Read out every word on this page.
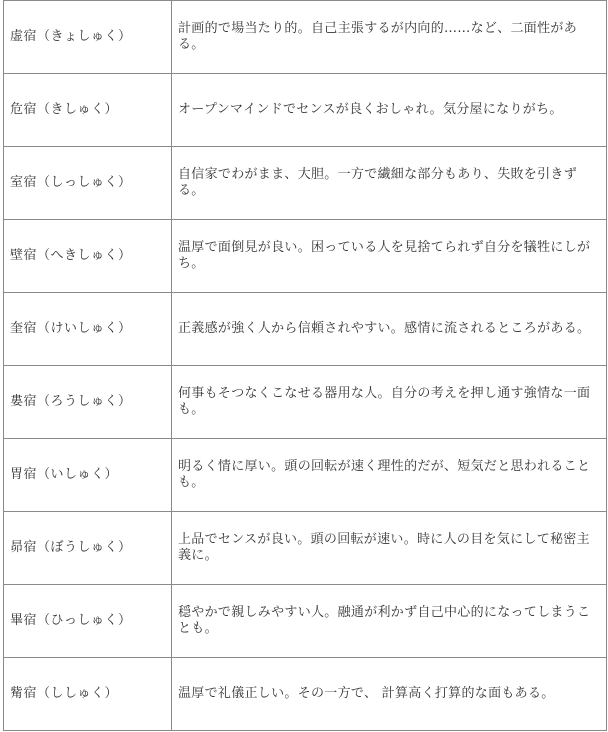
虚宿（きょしゅく）	計画的で場当たり的。自己主張するが内向的……など、二面性がある。
危宿（きしゅく）	オープンマインドでセンスが良くおしゃれ。気分屋になりがち。
室宿（しっしゅく）	自信家でわがまま、大胆。一方で繊細な部分もあり、失敗を引きずる。
壁宿（へきしゅく）	温厚で面倒見が良い。困っている人を見捨てられず自分を犠牲にしがち。
奎宿（けいしゅく）	正義感が強く人から信頼されやすい。感情に流されるところがある。
婁宿（ろうしゅく）	何事もそつなくこなせる器用な人。自分の考えを押し通す強情な一面も。
胃宿（いしゅく）	明るく情に厚い。頭の回転が速く理性的だが、短気だと思われることも。
昴宿（ぼうしゅく）	上品でセンスが良い。頭の回転が速い。時に人の目を気にして秘密主義に。
畢宿（ひっしゅく）	穏やかで親しみやすい人。融通が利かず自己中心的になってしまうことも。
觜宿（ししゅく）	温厚で礼儀正しい。その一方で、 計算高く打算的な面もある。
